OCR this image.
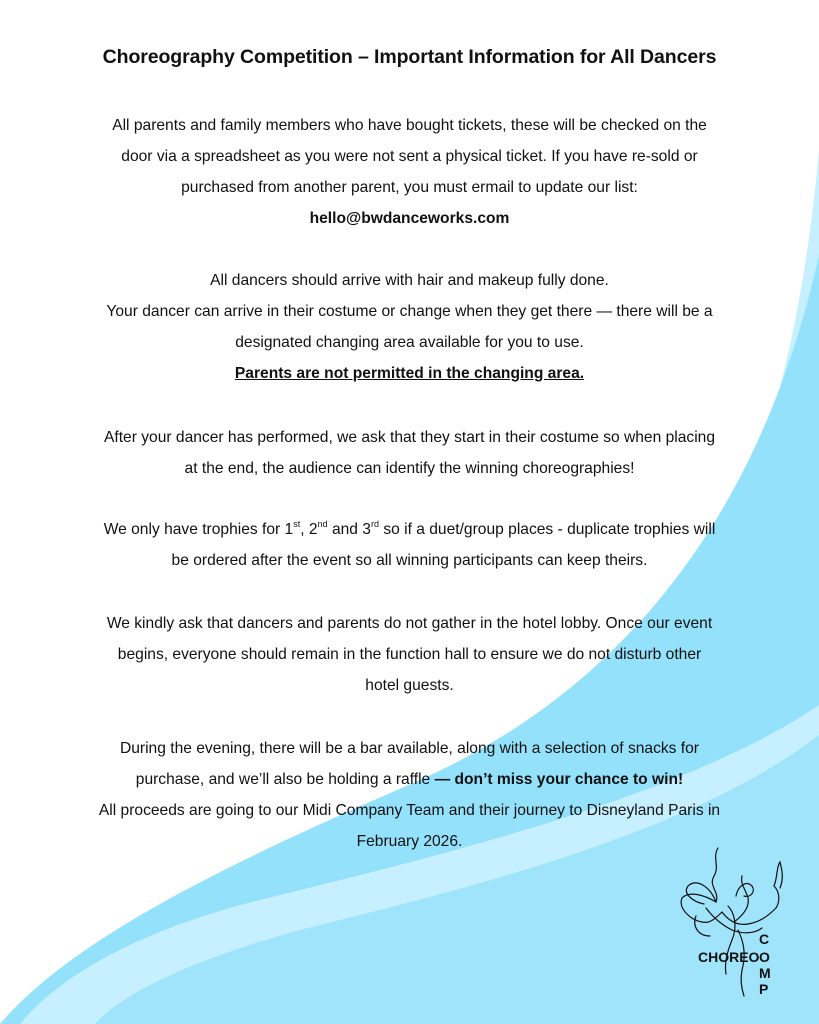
Choreography Competition – Important Information for All Dancers
All parents and family members who have bought tickets, these will be checked on the
door via a spreadsheet as you were not sent a physical ticket. If you have re-sold or
purchased from another parent, you must ermail to update our list:
hello@bwdanceworks.com
All dancers should arrive with hair and makeup fully done.
Your dancer can arrive in their costume or change when they get there — there will be a
designated changing area available for you to use.
Parents are not permitted in the changing area.
After your dancer has performed, we ask that they start in their costume so when placing
at the end, the audience can identify the winning choreographies!
We only have trophies for 1st, 2nd and 3rd so if a duet/group places - duplicate trophies will
be ordered after the event so all winning participants can keep theirs.
We kindly ask that dancers and parents do not gather in the hotel lobby. Once our event
begins, everyone should remain in the function hall to ensure we do not disturb other
hotel guests.
During the evening, there will be a bar available, along with a selection of snacks for
purchase, and we’ll also be holding a raffle — don’t miss your chance to win!
All proceeds are going to our Midi Company Team and their journey to Disneyland Paris in
February 2026.
CHOREO
C
O
M
P
